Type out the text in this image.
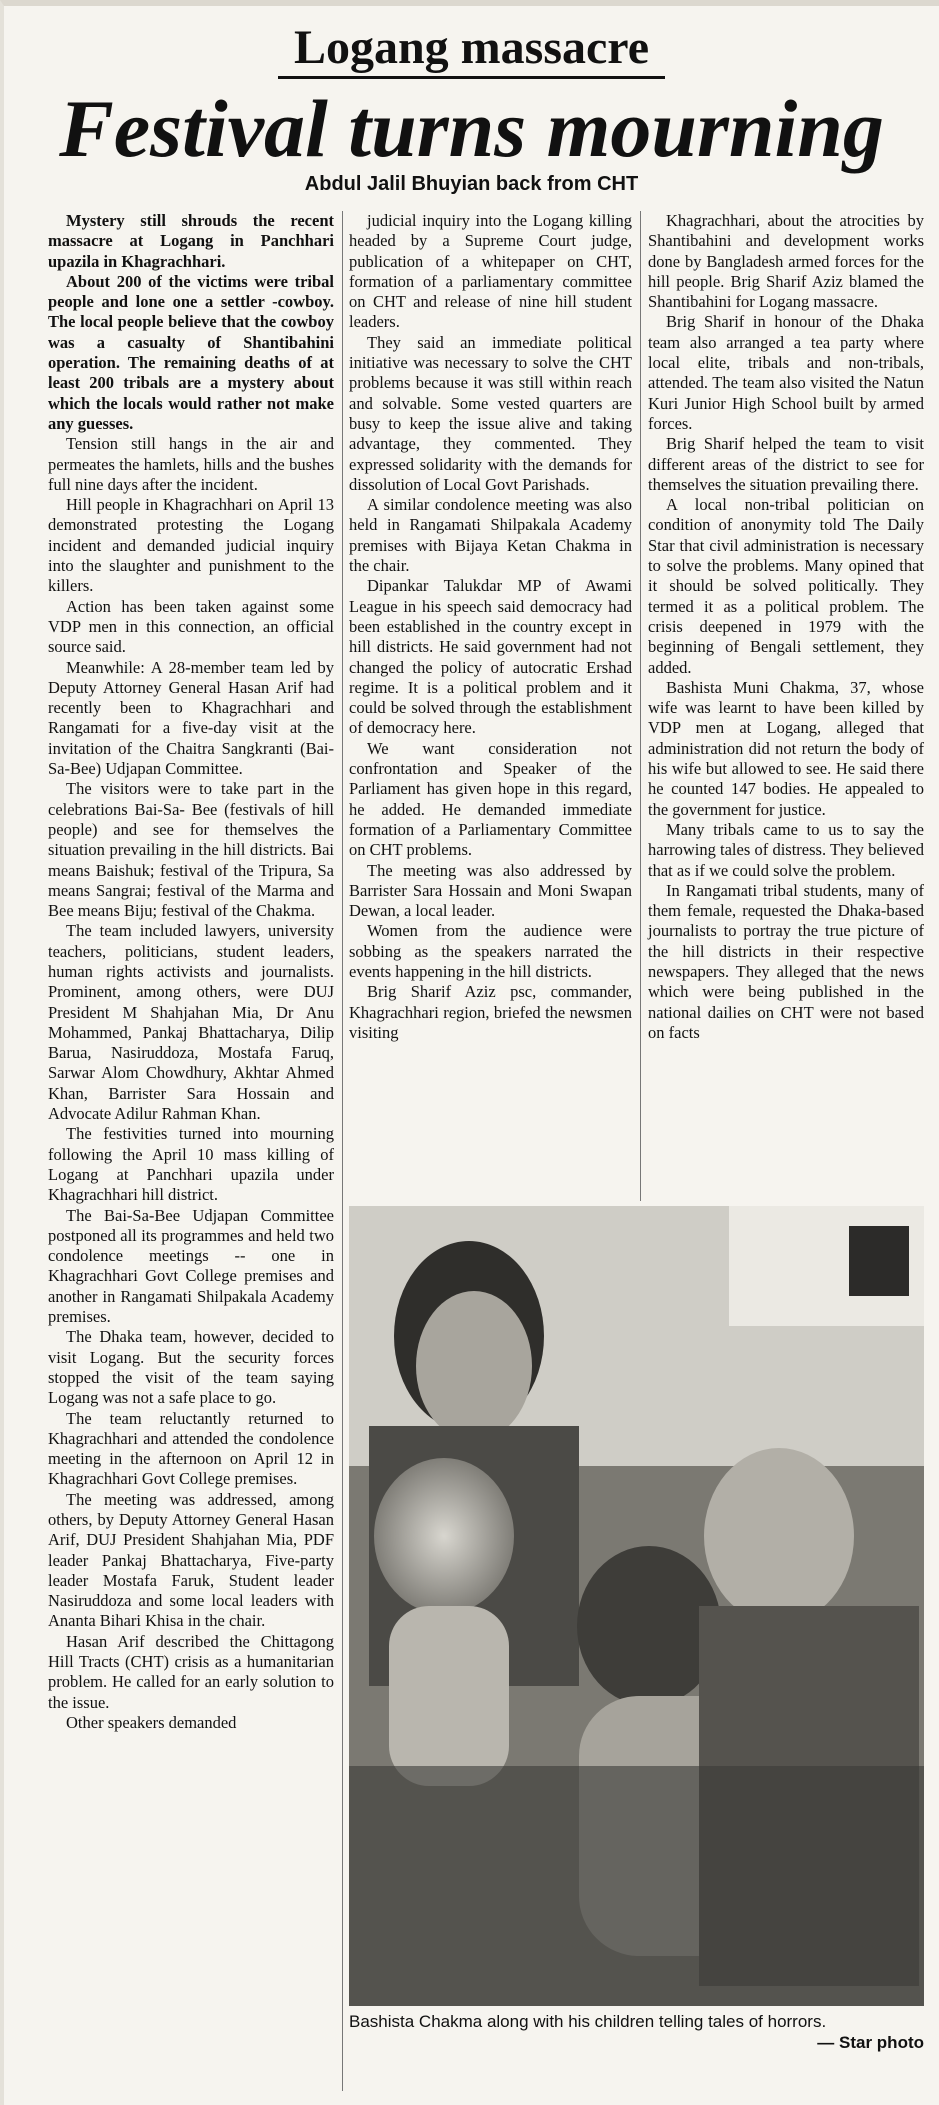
Logang massacre
Festival turns mourning
Abdul Jalil Bhuyian back from CHT

Mystery still shrouds the recent massacre at Logang in Panchhari upazila in Khagrachhari.

About 200 of the victims were tribal people and lone one a settler -cowboy. The local people believe that the cowboy was a casualty of Shantibahini operation. The remaining deaths of at least 200 tribals are a mystery about which the locals would rather not make any guesses.

Tension still hangs in the air and permeates the hamlets, hills and the bushes full nine days after the incident.

Hill people in Khagrachhari on April 13 demonstrated protesting the Logang incident and demanded judicial inquiry into the slaughter and punishment to the killers.

Action has been taken against some VDP men in this connection, an official source said.

Meanwhile: A 28-member team led by Deputy Attorney General Hasan Arif had recently been to Khagrachhari and Rangamati for a five-day visit at the invitation of the Chaitra Sangkranti (Bai-Sa-Bee) Udjapan Committee.

The visitors were to take part in the celebrations Bai-Sa- Bee (festivals of hill people) and see for themselves the situation prevailing in the hill districts. Bai means Baishuk; festival of the Tripura, Sa means Sangrai; festival of the Marma and Bee means Biju; festival of the Chakma.

The team included lawyers, university teachers, politicians, student leaders, human rights activists and journalists. Prominent, among others, were DUJ President M Shahjahan Mia, Dr Anu Mohammed, Pankaj Bhattacharya, Dilip Barua, Nasiruddoza, Mostafa Faruq, Sarwar Alom Chowdhury, Akhtar Ahmed Khan, Barrister Sara Hossain and Advocate Adilur Rahman Khan.

The festivities turned into mourning following the April 10 mass killing of Logang at Panchhari upazila under Khagrachhari hill district.

The Bai-Sa-Bee Udjapan Committee postponed all its programmes and held two condolence meetings -- one in Khagrachhari Govt College premises and another in Rangamati Shilpakala Academy premises.

The Dhaka team, however, decided to visit Logang. But the security forces stopped the visit of the team saying Logang was not a safe place to go.

The team reluctantly returned to Khagrachhari and attended the condolence meeting in the afternoon on April 12 in Khagrachhari Govt College premises.

The meeting was addressed, among others, by Deputy Attorney General Hasan Arif, DUJ President Shahjahan Mia, PDF leader Pankaj Bhattacharya, Five-party leader Mostafa Faruk, Student leader Nasiruddoza and some local leaders with Ananta Bihari Khisa in the chair.

Hasan Arif described the Chittagong Hill Tracts (CHT) crisis as a humanitarian problem. He called for an early solution to the issue.

Other speakers demanded

judicial inquiry into the Logang killing headed by a Supreme Court judge, publication of a whitepaper on CHT, formation of a parliamentary committee on CHT and release of nine hill student leaders.

They said an immediate political initiative was necessary to solve the CHT problems because it was still within reach and solvable. Some vested quarters are busy to keep the issue alive and taking advantage, they commented. They expressed solidarity with the demands for dissolution of Local Govt Parishads.

A similar condolence meeting was also held in Rangamati Shilpakala Academy premises with Bijaya Ketan Chakma in the chair.

Dipankar Talukdar MP of Awami League in his speech said democracy had been established in the country except in hill districts. He said government had not changed the policy of autocratic Ershad regime. It is a political problem and it could be solved through the establishment of democracy here.

We want consideration not confrontation and Speaker of the Parliament has given hope in this regard, he added. He demanded immediate formation of a Parliamentary Committee on CHT problems.

The meeting was also addressed by Barrister Sara Hossain and Moni Swapan Dewan, a local leader.

Women from the audience were sobbing as the speakers narrated the events happening in the hill districts.

Brig Sharif Aziz psc, commander, Khagrachhari region, briefed the newsmen visiting

Khagrachhari, about the atrocities by Shantibahini and development works done by Bangladesh armed forces for the hill people. Brig Sharif Aziz blamed the Shantibahini for Logang massacre.

Brig Sharif in honour of the Dhaka team also arranged a tea party where local elite, tribals and non-tribals, attended. The team also visited the Natun Kuri Junior High School built by armed forces.

Brig Sharif helped the team to visit different areas of the district to see for themselves the situation prevailing there.

A local non-tribal politician on condition of anonymity told The Daily Star that civil administration is necessary to solve the problems. Many opined that it should be solved politically. They termed it as a political problem. The crisis deepened in 1979 with the beginning of Bengali settlement, they added.

Bashista Muni Chakma, 37, whose wife was learnt to have been killed by VDP men at Logang, alleged that administration did not return the body of his wife but allowed to see. He said there he counted 147 bodies. He appealed to the government for justice.

Many tribals came to us to say the harrowing tales of distress. They believed that as if we could solve the problem.

In Rangamati tribal students, many of them female, requested the Dhaka-based journalists to portray the true picture of the hill districts in their respective newspapers. They alleged that the news which were being published in the national dailies on CHT were not based on facts

Bashista Chakma along with his children telling tales of horrors.
— Star photo
